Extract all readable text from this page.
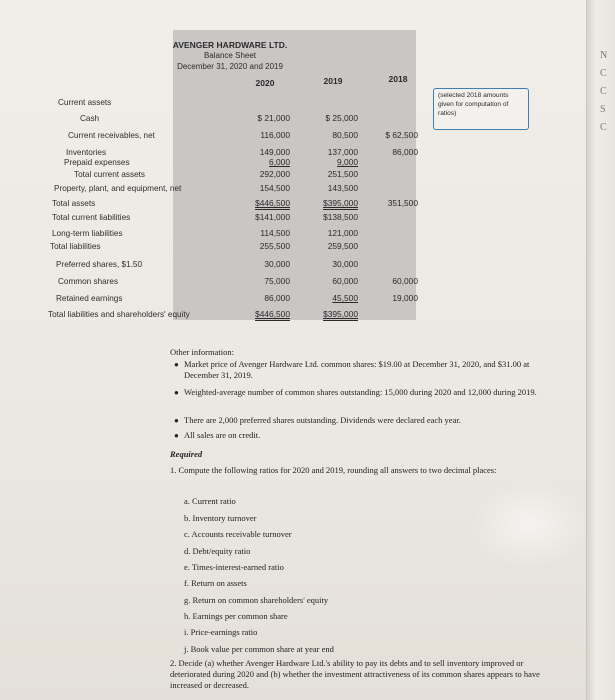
AVENGER HARDWARE LTD.
Balance Sheet
December 31, 2020 and 2019
2020	2019	2018
Current assets
(selected 2018 amounts given for computation of ratios)
Cash	$ 21,000	$ 25,000
Current receivables, net	116,000	80,500	$ 62,500
Inventories	149,000	137,000	86,000
Prepaid expenses	6,000	9,000
Total current assets	292,000	251,500
Property, plant, and equipment, net	154,500	143,500
Total assets	$446,500	$395,000	351,500
Total current liabilities	$141,000	$138,500
Long-term liabilities	114,500	121,000
Total liabilities	255,500	259,500
Preferred shares, $1.50	30,000	30,000
Common shares	75,000	60,000	60,000
Retained earnings	86,000	45,500	19,000
Total liabilities and shareholders' equity	$446,500	$395,000
Other information:
● Market price of Avenger Hardware Ltd. common shares: $19.00 at December 31, 2020, and $31.00 at December 31, 2019.
● Weighted-average number of common shares outstanding: 15,000 during 2020 and 12,000 during 2019.
● There are 2,000 preferred shares outstanding. Dividends were declared each year.
● All sales are on credit.
Required
1. Compute the following ratios for 2020 and 2019, rounding all answers to two decimal places:
a. Current ratio
b. Inventory turnover
c. Accounts receivable turnover
d. Debt/equity ratio
e. Times-interest-earned ratio
f. Return on assets
g. Return on common shareholders' equity
h. Earnings per common share
i. Price-earnings ratio
j. Book value per common share at year end
2. Decide (a) whether Avenger Hardware Ltd.'s ability to pay its debts and to sell inventory improved or deteriorated during 2020 and (b) whether the investment attractiveness of its common shares appears to have increased or decreased.
N
C
C
S
C
